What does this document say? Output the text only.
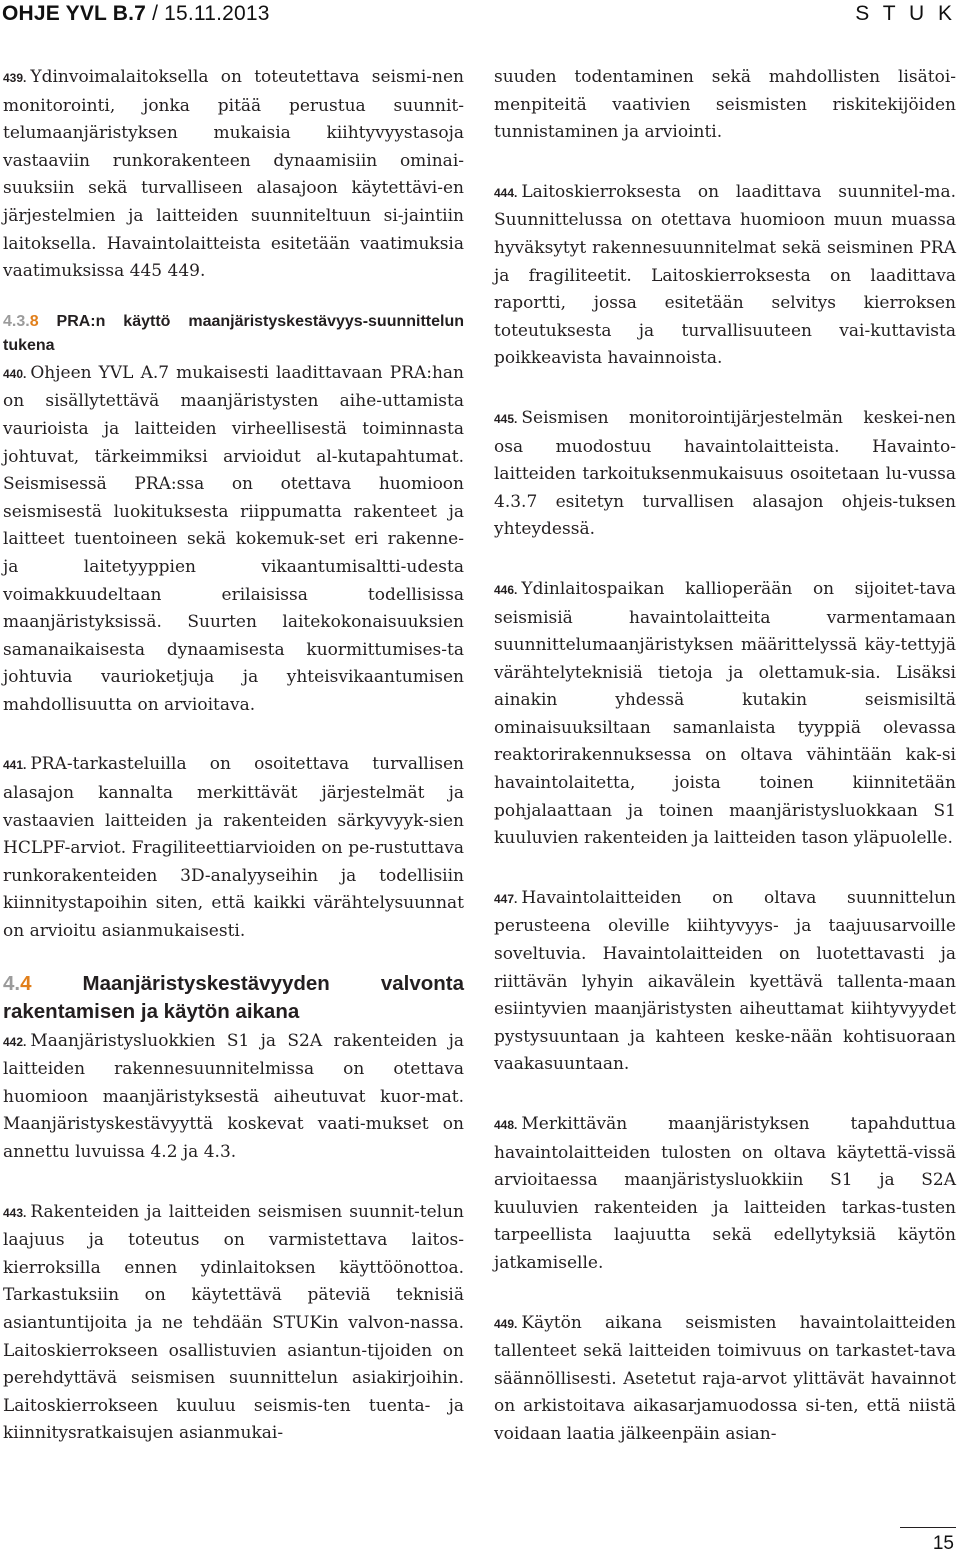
OHJE YVL B.7 / 15.11.2013	S T U K

439. Ydinvoimalaitoksella on toteutettava seismi-nen monitorointi, jonka pitää perustua suunnit-telumaanjäristyksen mukaisia kiihtyvyystasoja vastaaviin runkorakenteen dynaamisiin ominai-suuksiin sekä turvalliseen alasajoon käytettävi-en järjestelmien ja laitteiden suunniteltuun si-jaintiin laitoksella. Havaintolaitteista esitetään vaatimuksia vaatimuksissa 445 449.

4.3.8 PRA:n käyttö maanjäristyskestävyys-suunnittelun tukena

440. Ohjeen YVL A.7 mukaisesti laadittavaan PRA:han on sisällytettävä maanjäristysten aihe-uttamista vaurioista ja laitteiden virheellisestä toiminnasta johtuvat, tärkeimmiksi arvioidut al-kutapahtumat. Seismisessä PRA:ssa on otettava huomioon seismisestä luokituksesta riippumatta rakenteet ja laitteet tuentoineen sekä kokemuk-set eri rakenne- ja laitetyyppien vikaantumisaltti-udesta voimakkuudeltaan erilaisissa todellisissa maanjäristyksissä. Suurten laitekokonaisuuksien samanaikaisesta dynaamisesta kuormittumises-ta johtuvia vaurioketjuja ja yhteisvikaantumisen mahdollisuutta on arvioitava.

441. PRA-tarkasteluilla on osoitettava turvallisen alasajon kannalta merkittävät järjestelmät ja vastaavien laitteiden ja rakenteiden särkyvyyk-sien HCLPF-arviot. Fragiliteettiarvioiden on pe-rustuttava runkorakenteiden 3D-analyyseihin ja todellisiin kiinnitystapoihin siten, että kaikki värähtelysuunnat on arvioitu asianmukaisesti.

4.4 Maanjäristyskestävyyden valvonta rakentamisen ja käytön aikana

442. Maanjäristysluokkien S1 ja S2A rakenteiden ja laitteiden rakennesuunnitelmissa on otettava huomioon maanjäristyksestä aiheutuvat kuor-mat. Maanjäristyskestävyyttä koskevat vaati-mukset on annettu luvuissa 4.2 ja 4.3.

443. Rakenteiden ja laitteiden seismisen suunnit-telun laajuus ja toteutus on varmistettava laitos-kierroksilla ennen ydinlaitoksen käyttöönottoa. Tarkastuksiin on käytettävä päteviä teknisiä asiantuntijoita ja ne tehdään STUKin valvon-nassa. Laitoskierrokseen osallistuvien asiantun-tijoiden on perehdyttävä seismisen suunnittelun asiakirjoihin. Laitoskierrokseen kuuluu seismis-ten tuenta- ja kiinnitysratkaisujen asianmukai-

suuden todentaminen sekä mahdollisten lisätoi-menpiteitä vaativien seismisten riskitekijöiden tunnistaminen ja arviointi.

444. Laitoskierroksesta on laadittava suunnitel-ma. Suunnittelussa on otettava huomioon muun muassa hyväksytyt rakennesuunnitelmat sekä seisminen PRA ja fragiliteetit. Laitoskierroksesta on laadittava raportti, jossa esitetään selvitys kierroksen toteutuksesta ja turvallisuuteen vai-kuttavista poikkeavista havainnoista.

445. Seismisen monitorointijärjestelmän keskei-nen osa muodostuu havaintolaitteista. Havainto-laitteiden tarkoituksenmukaisuus osoitetaan lu-vussa 4.3.7 esitetyn turvallisen alasajon ohjeis-tuksen yhteydessä.

446. Ydinlaitospaikan kallioperään on sijoitet-tava seismisiä havaintolaitteita varmentamaan suunnittelumaanjäristyksen määrittelyssä käy-tettyjä värähtelyteknisiä tietoja ja olettamuk-sia. Lisäksi ainakin yhdessä kutakin seismisiltä ominaisuuksiltaan samanlaista tyyppiä olevassa reaktorirakennuksessa on oltava vähintään kak-si havaintolaitetta, joista toinen kiinnitetään pohjalaattaan ja toinen maanjäristysluokkaan S1 kuuluvien rakenteiden ja laitteiden tason yläpuolelle.

447. Havaintolaitteiden on oltava suunnittelun perusteena oleville kiihtyvyys- ja taajuusarvoille soveltuvia. Havaintolaitteiden on luotettavasti ja riittävän lyhyin aikavälein kyettävä tallenta-maan esiintyvien maanjäristysten aiheuttamat kiihtyvyydet pystysuuntaan ja kahteen keske-nään kohtisuoraan vaakasuuntaan.

448. Merkittävän maanjäristyksen tapahduttua havaintolaitteiden tulosten on oltava käytettä-vissä arvioitaessa maanjäristysluokkiin S1 ja S2A kuuluvien rakenteiden ja laitteiden tarkas-tusten tarpeellista laajuutta sekä edellytyksiä käytön jatkamiselle.

449. Käytön aikana seismisten havaintolaitteiden tallenteet sekä laitteiden toimivuus on tarkastet-tava säännöllisesti. Asetetut raja-arvot ylittävät havainnot on arkistoitava aikasarjamuodossa si-ten, että niistä voidaan laatia jälkeenpäin asian-

15
